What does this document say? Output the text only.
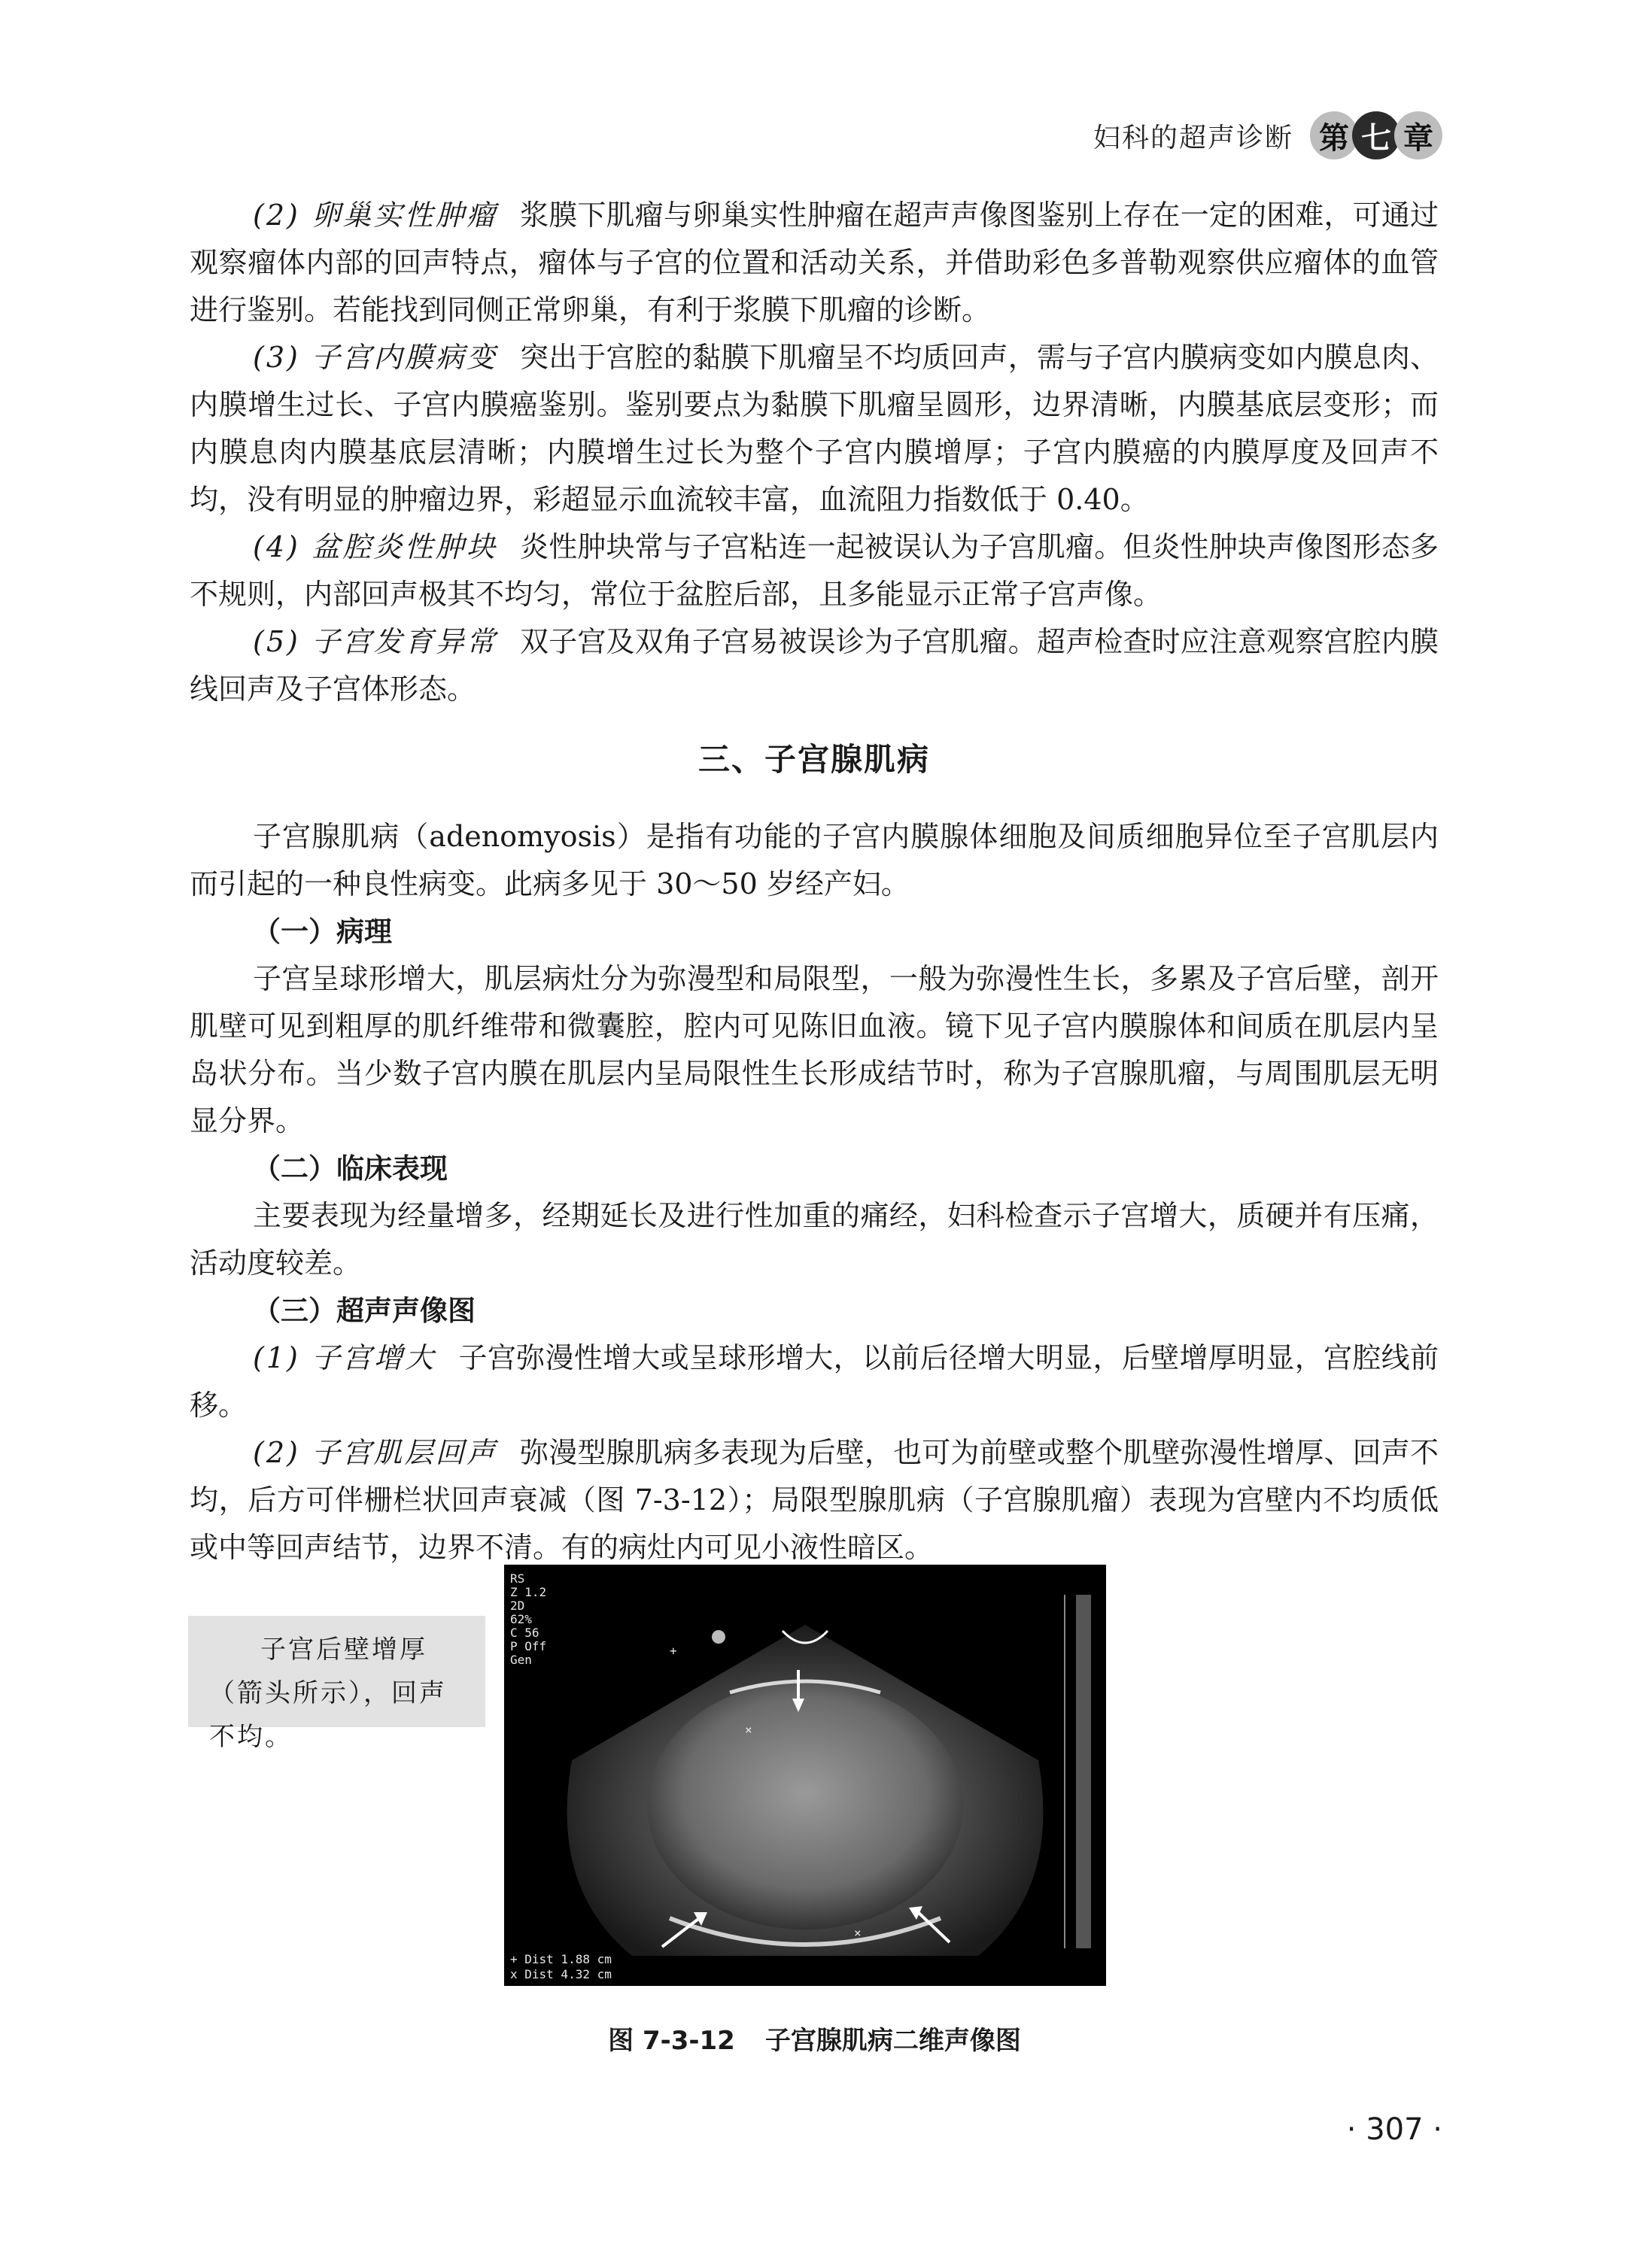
妇科的超声诊断 第 七 章

(2) 卵巢实性肿瘤 浆膜下肌瘤与卵巢实性肿瘤在超声声像图鉴别上存在一定的困难，可通过观察瘤体内部的回声特点，瘤体与子宫的位置和活动关系，并借助彩色多普勒观察供应瘤体的血管进行鉴别。若能找到同侧正常卵巢，有利于浆膜下肌瘤的诊断。

(3) 子宫内膜病变 突出于宫腔的黏膜下肌瘤呈不均质回声，需与子宫内膜病变如内膜息肉、内膜增生过长、子宫内膜癌鉴别。鉴别要点为黏膜下肌瘤呈圆形，边界清晰，内膜基底层变形；而内膜息肉内膜基底层清晰；内膜增生过长为整个子宫内膜增厚；子宫内膜癌的内膜厚度及回声不均，没有明显的肿瘤边界，彩超显示血流较丰富，血流阻力指数低于 0.40。

(4) 盆腔炎性肿块 炎性肿块常与子宫粘连一起被误认为子宫肌瘤。但炎性肿块声像图形态多不规则，内部回声极其不均匀，常位于盆腔后部，且多能显示正常子宫声像。

(5) 子宫发育异常 双子宫及双角子宫易被误诊为子宫肌瘤。超声检查时应注意观察宫腔内膜线回声及子宫体形态。

三、子宫腺肌病

子宫腺肌病（adenomyosis）是指有功能的子宫内膜腺体细胞及间质细胞异位至子宫肌层内而引起的一种良性病变。此病多见于 30～50 岁经产妇。

（一）病理

子宫呈球形增大，肌层病灶分为弥漫型和局限型，一般为弥漫性生长，多累及子宫后壁，剖开肌壁可见到粗厚的肌纤维带和微囊腔，腔内可见陈旧血液。镜下见子宫内膜腺体和间质在肌层内呈岛状分布。当少数子宫内膜在肌层内呈局限性生长形成结节时，称为子宫腺肌瘤，与周围肌层无明显分界。

（二）临床表现

主要表现为经量增多，经期延长及进行性加重的痛经，妇科检查示子宫增大，质硬并有压痛，活动度较差。

（三）超声声像图

(1) 子宫增大 子宫弥漫性增大或呈球形增大，以前后径增大明显，后壁增厚明显，宫腔线前移。

(2) 子宫肌层回声 弥漫型腺肌病多表现为后壁，也可为前壁或整个肌壁弥漫性增厚、回声不均，后方可伴栅栏状回声衰减（图 7-3-12）；局限型腺肌病（子宫腺肌瘤）表现为宫壁内不均质低或中等回声结节，边界不清。有的病灶内可见小液性暗区。

子宫后壁增厚（箭头所示），回声不均。	×
×
+
RS
Z 1.2
2D
62%
C 56
P Off
Gen
+ Dist 1.88 cm
x Dist 4.32 cm
图 7-3-12 子宫腺肌病二维声像图
· 307 ·
